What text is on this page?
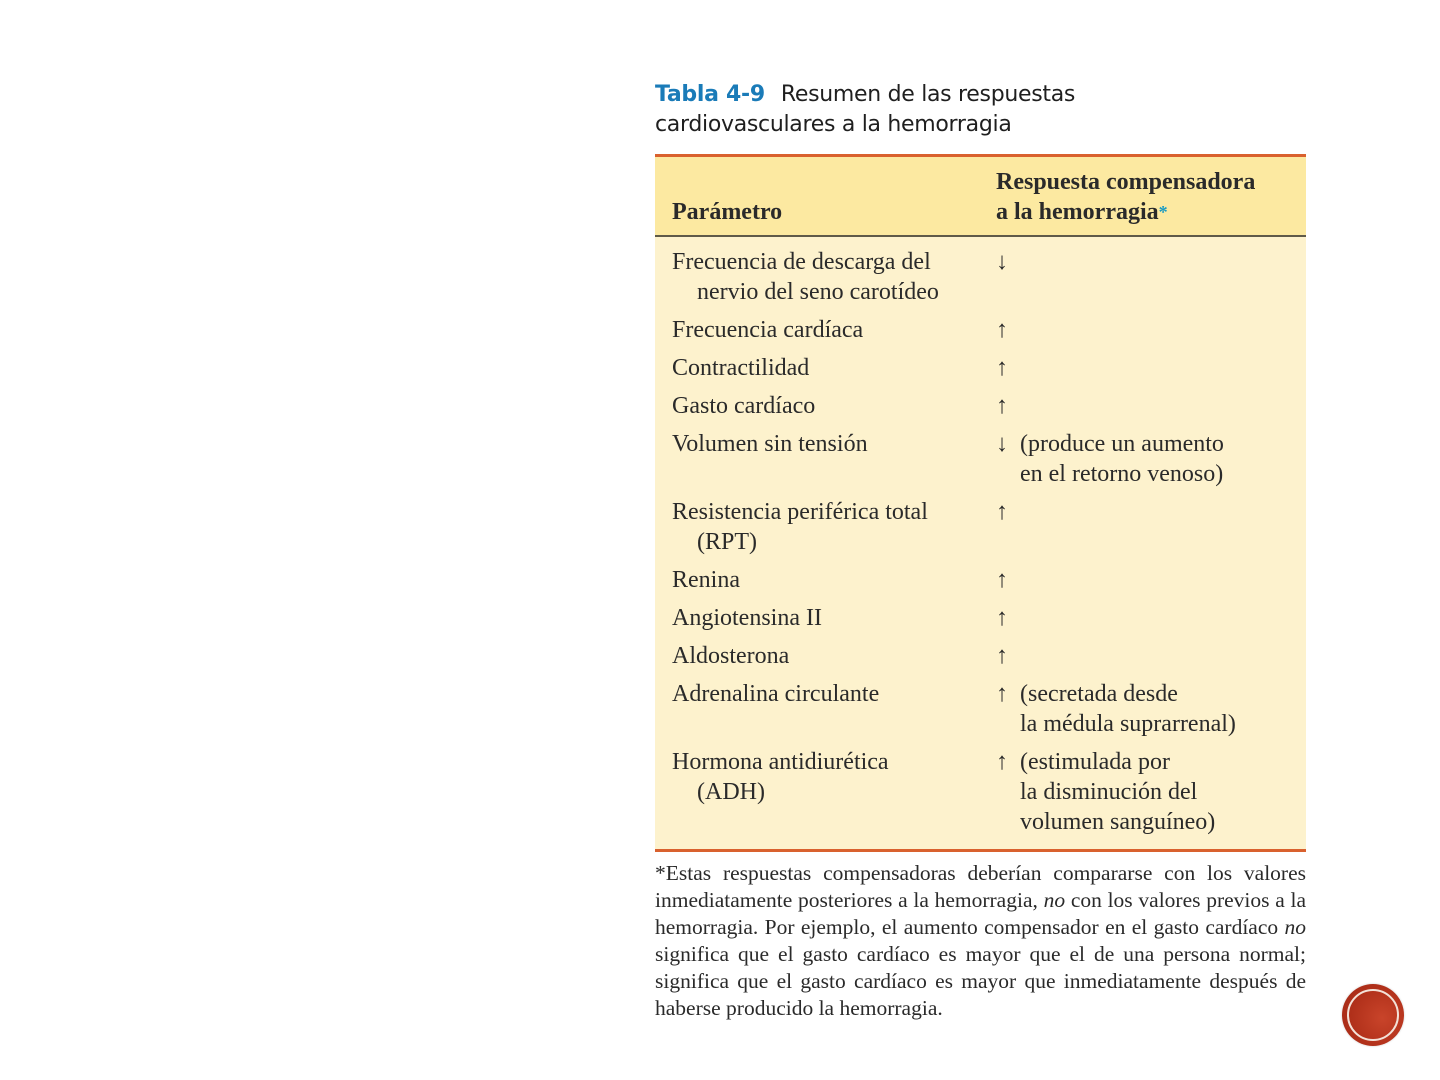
Tabla 4-9 Resumen de las respuestas
cardiovasculares a la hemorragia
Parámetro	Respuesta compensadora
a la hemorragia*
Frecuencia de descarga del
nervio del seno carotídeo	↓

Frecuencia cardíaca	↑

Contractilidad	↑

Gasto cardíaco	↑

Volumen sin tensión	↓ (produce un aumento
en el retorno venoso)

Resistencia periférica total
(RPT)	↑

Renina	↑

Angiotensina II	↑

Aldosterona	↑

Adrenalina circulante	↑ (secretada desde
la médula suprarrenal)

Hormona antidiurética
(ADH)	↑ (estimulada por
la disminución del
volumen sanguíneo)
*Estas respuestas compensadoras deberían compararse con los valores inmediatamente posteriores a la hemorragia, no con los valores previos a la hemorragia. Por ejemplo, el aumento compensador en el gasto cardíaco no significa que el gasto cardíaco es mayor que el de una persona normal; significa que el gasto cardíaco es mayor que inmediatamente después de haberse producido la hemorragia.
